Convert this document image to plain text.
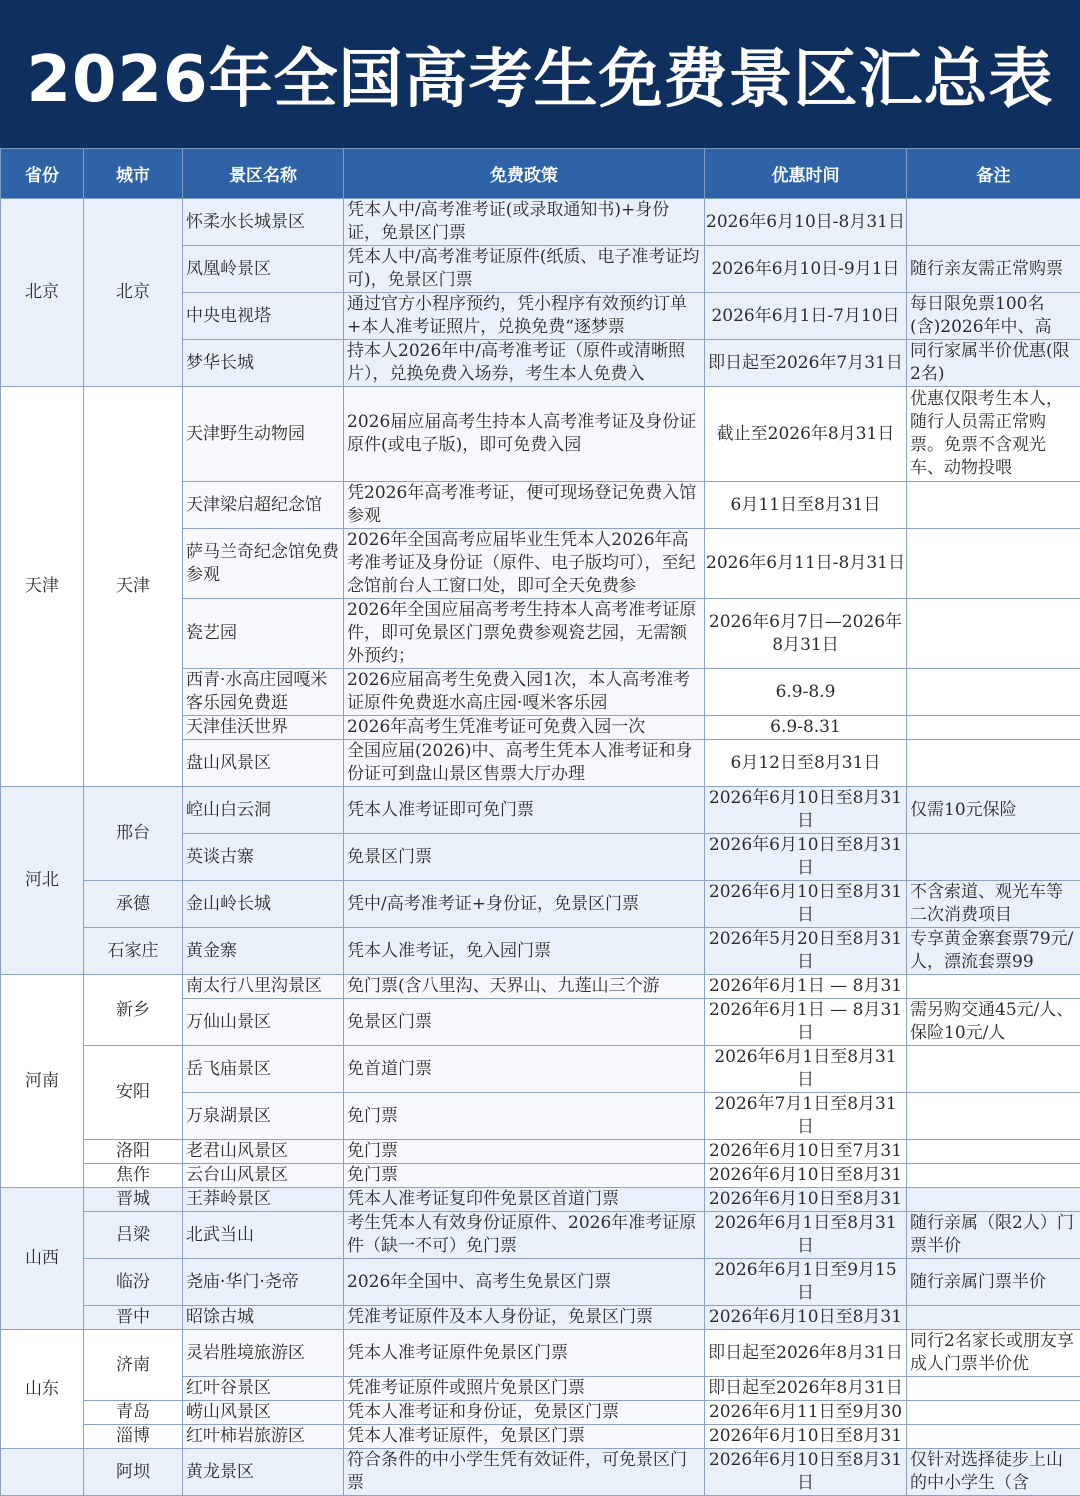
2026年全国高考生免费景区汇总表
省份	城市	景区名称	免费政策	优惠时间	备注
北京	北京	怀柔水长城景区	凭本人中/高考准考证(或录取通知书)+身份证，免景区门票	2026年6月10日-8月31日	
		凤凰岭景区	凭本人中/高考准考证原件(纸质、电子准考证均可)，免景区门票	2026年6月10日-9月1日	随行亲友需正常购票
		中央电视塔	通过官方小程序预约，凭小程序有效预约订单+本人准考证照片，兑换免费“逐梦票	2026年6月1日-7月10日	每日限免票100名(含)2026年中、高
		梦华长城	持本人2026年中/高考准考证（原件或清晰照片），兑换免费入场券，考生本人免费入	即日起至2026年7月31日	同行家属半价优惠(限2名)
天津	天津	天津野生动物园	2026届应届高考生持本人高考准考证及身份证原件(或电子版)，即可免费入园	截止至2026年8月31日	优惠仅限考生本人，随行人员需正常购票。免票不含观光车、动物投喂
		天津梁启超纪念馆	凭2026年高考准考证，便可现场登记免费入馆参观	6月11日至8月31日	
		萨马兰奇纪念馆免费参观	2026年全国高考应届毕业生凭本人2026年高考准考证及身份证（原件、电子版均可），至纪念馆前台人工窗口处，即可全天免费参	2026年6月11日-8月31日	
		瓷艺园	2026年全国应届高考考生持本人高考准考证原件，即可免景区门票免费参观瓷艺园，无需额外预约；	2026年6月7日—2026年8月31日	
		西青·水高庄园嘎米客乐园免费逛	2026应届高考生免费入园1次，本人高考准考证原件免费逛水高庄园·嘎米客乐园	6.9-8.9	
		天津佳沃世界	2026年高考生凭准考证可免费入园一次	6.9-8.31	
		盘山风景区	全国应届(2026)中、高考生凭本人准考证和身份证可到盘山景区售票大厅办理	6月12日至8月31日	
河北	邢台	崆山白云洞	凭本人准考证即可免门票	2026年6月10日至8月31日	仅需10元保险
		英谈古寨	免景区门票	2026年6月10日至8月31日	
	承德	金山岭长城	凭中/高考准考证+身份证，免景区门票	2026年6月10日至8月31日	不含索道、观光车等二次消费项目
	石家庄	黄金寨	凭本人准考证，免入园门票	2026年5月20日至8月31日	专享黄金寨套票79元/人，漂流套票99
河南	新乡	南太行八里沟景区	免门票(含八里沟、天界山、九莲山三个游	2026年6月1日 — 8月31	
		万仙山景区	免景区门票	2026年6月1日 — 8月31日	需另购交通45元/人、保险10元/人
	安阳	岳飞庙景区	免首道门票	2026年6月1日至8月31日	
		万泉湖景区	免门票	2026年7月1日至8月31日	
	洛阳	老君山风景区	免门票	2026年6月10日至7月31	
	焦作	云台山风景区	免门票	2026年6月10日至8月31	
山西	晋城	王莽岭景区	凭本人准考证复印件免景区首道门票	2026年6月10日至8月31	
	吕梁	北武当山	考生凭本人有效身份证原件、2026年准考证原件（缺一不可）免门票	2026年6月1日至8月31日	随行亲属（限2人）门票半价
	临汾	尧庙·华门·尧帝	2026年全国中、高考生免景区门票	2026年6月1日至9月15日	随行亲属门票半价
	晋中	昭馀古城	凭准考证原件及本人身份证，免景区门票	2026年6月10日至8月31	
山东	济南	灵岩胜境旅游区	凭本人准考证原件免景区门票	即日起至2026年8月31日	同行2名家长或朋友享成人门票半价优
		红叶谷景区	凭准考证原件或照片免景区门票	即日起至2026年8月31日	
	青岛	崂山风景区	凭本人准考证和身份证，免景区门票	2026年6月11日至9月30	
	淄博	红叶柿岩旅游区	凭本人准考证原件，免景区门票	2026年6月10日至8月31	
	阿坝	黄龙景区	符合条件的中小学生凭有效证件，可免景区门票	2026年6月10日至8月31日	仅针对选择徒步上山的中小学生（含
